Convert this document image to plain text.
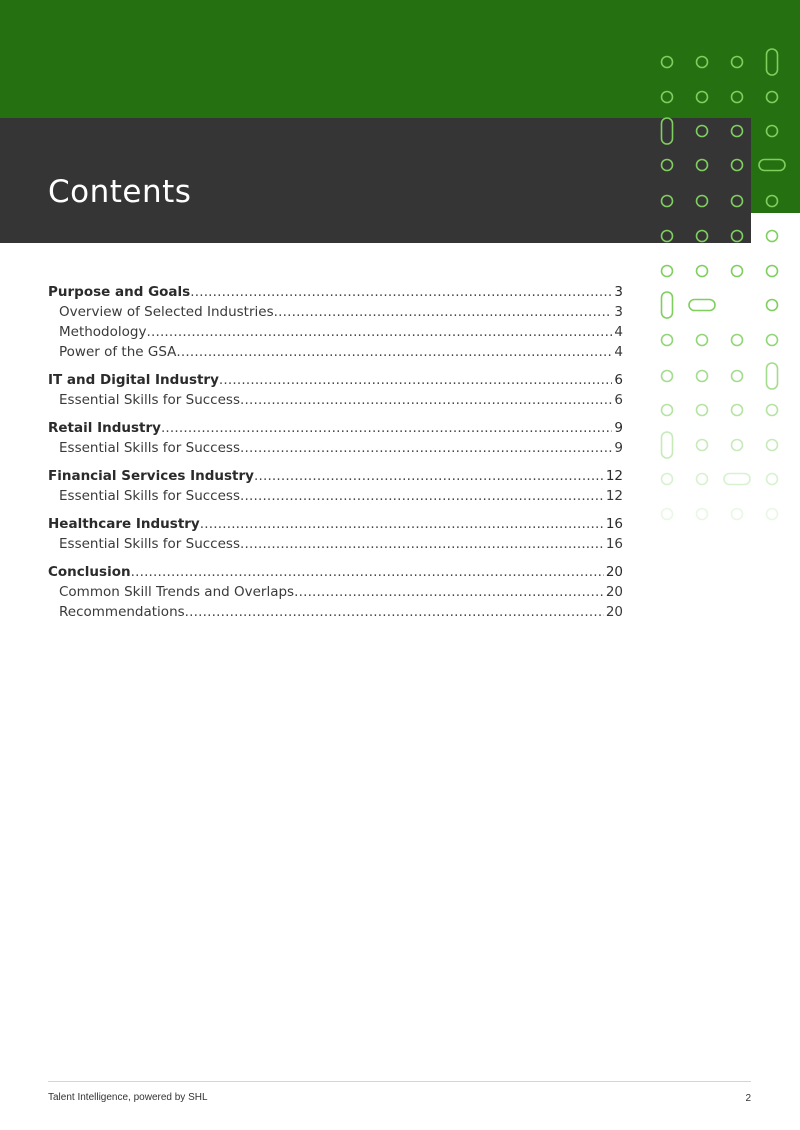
Contents
Purpose and Goals .....	3
Overview of Selected Industries .....	3
Methodology .....	4
Power of the GSA .....	4
IT and Digital Industry .....	6
Essential Skills for Success .....	6
Retail Industry .....	9
Essential Skills for Success .....	9
Financial Services Industry .....	12
Essential Skills for Success .....	12
Healthcare Industry .....	16
Essential Skills for Success .....	16
Conclusion .....	20
Common Skill Trends and Overlaps .....	20
Recommendations .....	20
Talent Intelligence, powered by SHL	2
